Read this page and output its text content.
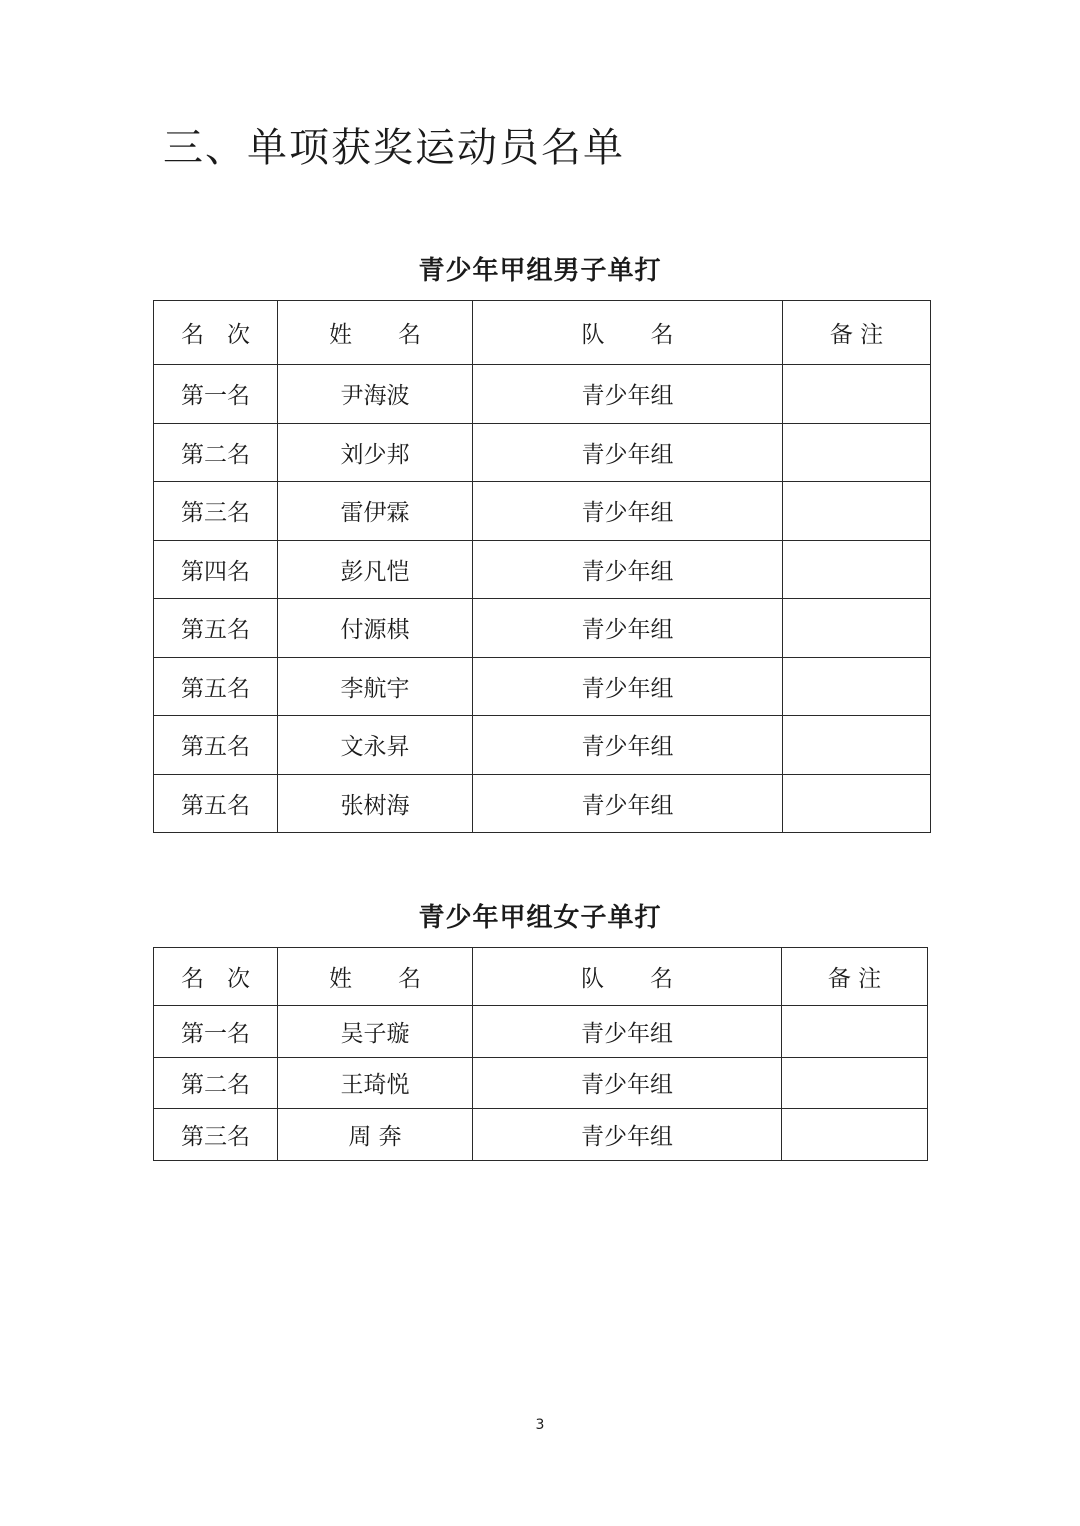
三、单项获奖运动员名单
青少年甲组男子单打
名　次	姓　　名	队　　名	备 注
第一名	尹海波	青少年组	
第二名	刘少邦	青少年组	
第三名	雷伊霖	青少年组	
第四名	彭凡恺	青少年组	
第五名	付源棋	青少年组	
第五名	李航宇	青少年组	
第五名	文永昇	青少年组	
第五名	张树海	青少年组	
青少年甲组女子单打
名　次	姓　　名	队　　名	备 注
第一名	吴子璇	青少年组	
第二名	王琦悦	青少年组	
第三名	周 奔	青少年组	
3
